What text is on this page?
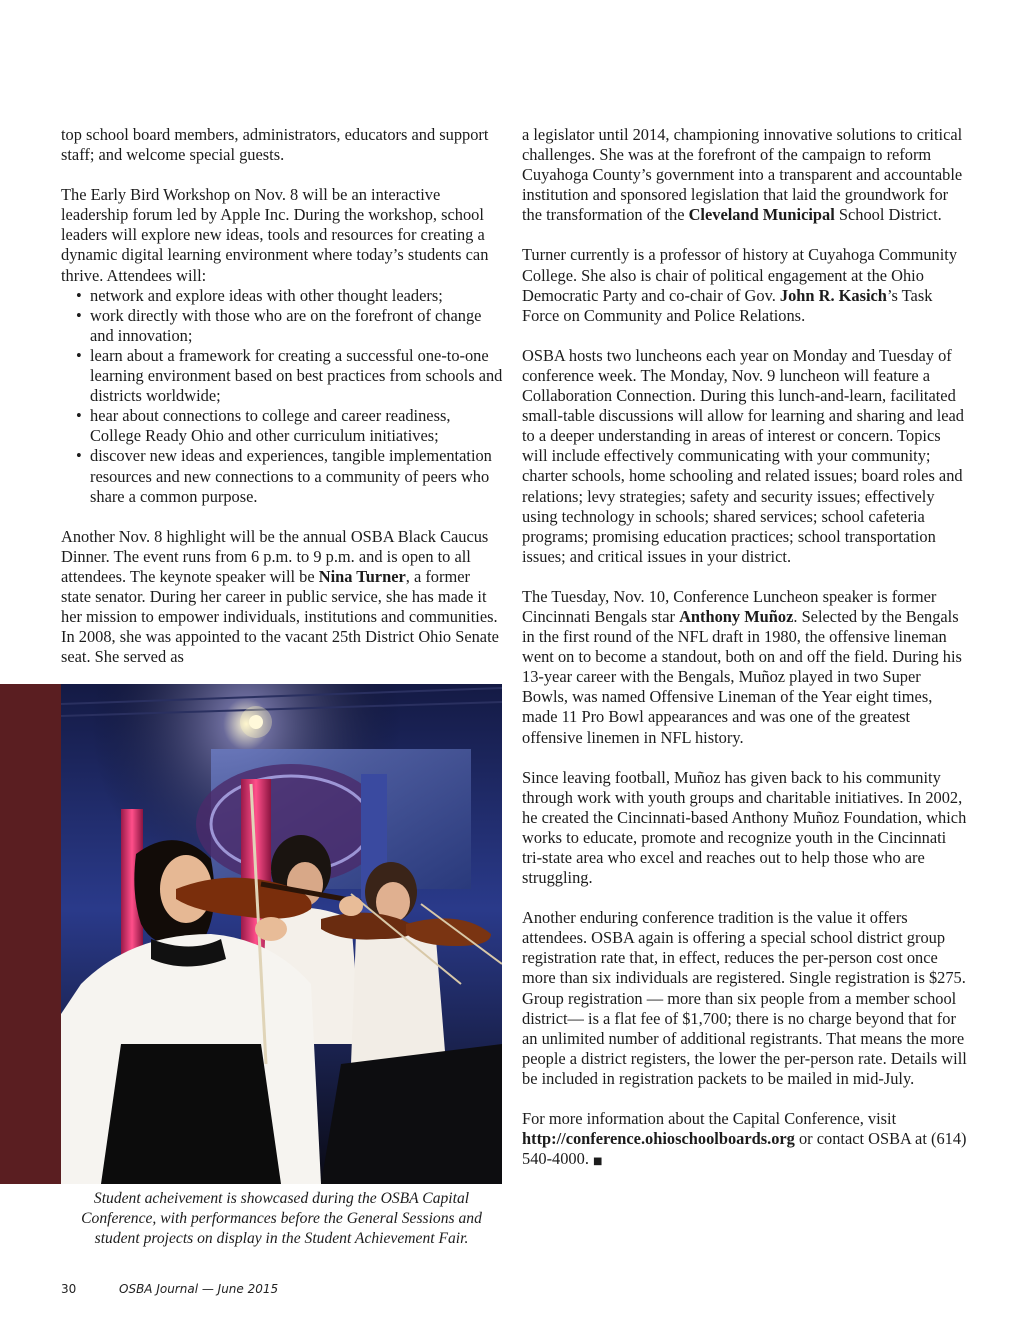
top school board members, administrators, educators and support staff; and welcome special guests.

The Early Bird Workshop on Nov. 8 will be an interactive leadership forum led by Apple Inc. During the workshop, school leaders will explore new ideas, tools and resources for creating a dynamic digital learning environment where today’s students can thrive. Attendees will:

• network and explore ideas with other thought leaders;
• work directly with those who are on the forefront of change and innovation;
• learn about a framework for creating a successful one-to-one learning environment based on best practices from schools and districts worldwide;
• hear about connections to college and career readiness, College Ready Ohio and other curriculum initiatives;
• discover new ideas and experiences, tangible implementation resources and new connections to a community of peers who share a common purpose.

Another Nov. 8 highlight will be the annual OSBA Black Caucus Dinner. The event runs from 6 p.m. to 9 p.m. and is open to all attendees. The keynote speaker will be Nina Turner, a former state senator. During her career in public service, she has made it her mission to empower individuals, institutions and communities. In 2008, she was appointed to the vacant 25th District Ohio Senate seat. She served as

Student acheivement is showcased during the OSBA Capital Conference, with performances before the General Sessions and student projects on display in the Student Achievement Fair.

a legislator until 2014, championing innovative solutions to critical challenges. She was at the forefront of the campaign to reform Cuyahoga County’s government into a transparent and accountable institution and sponsored legislation that laid the groundwork for the transformation of the Cleveland Municipal School District.

Turner currently is a professor of history at Cuyahoga Community College. She also is chair of political engagement at the Ohio Democratic Party and co-chair of Gov. John R. Kasich’s Task Force on Community and Police Relations.

OSBA hosts two luncheons each year on Monday and Tuesday of conference week. The Monday, Nov. 9 luncheon will feature a Collaboration Connection. During this lunch-and-learn, facilitated small-table discussions will allow for learning and sharing and lead to a deeper understanding in areas of interest or concern. Topics will include effectively communicating with your community; charter schools, home schooling and related issues; board roles and relations; levy strategies; safety and security issues; effectively using technology in schools; shared services; school cafeteria programs; promising education practices; school transportation issues; and critical issues in your district.

The Tuesday, Nov. 10, Conference Luncheon speaker is former Cincinnati Bengals star Anthony Muñoz. Selected by the Bengals in the first round of the NFL draft in 1980, the offensive lineman went on to become a standout, both on and off the field. During his 13-year career with the Bengals, Muñoz played in two Super Bowls, was named Offensive Lineman of the Year eight times, made 11 Pro Bowl appearances and was one of the greatest offensive linemen in NFL history.

Since leaving football, Muñoz has given back to his community through work with youth groups and charitable initiatives. In 2002, he created the Cincinnati-based Anthony Muñoz Foundation, which works to educate, promote and recognize youth in the Cincinnati tri-state area who excel and reaches out to help those who are struggling.

Another enduring conference tradition is the value it offers attendees. OSBA again is offering a special school district group registration rate that, in effect, reduces the per-person cost once more than six individuals are registered. Single registration is $275. Group registration — more than six people from a member school district— is a flat fee of $1,700; there is no charge beyond that for an unlimited number of additional registrants. That means the more people a district registers, the lower the per-person rate. Details will be included in registration packets to be mailed in mid-July.

For more information about the Capital Conference, visit http://conference.ohioschoolboards.org or contact OSBA at (614) 540-4000. ■

30	OSBA Journal — June 2015
